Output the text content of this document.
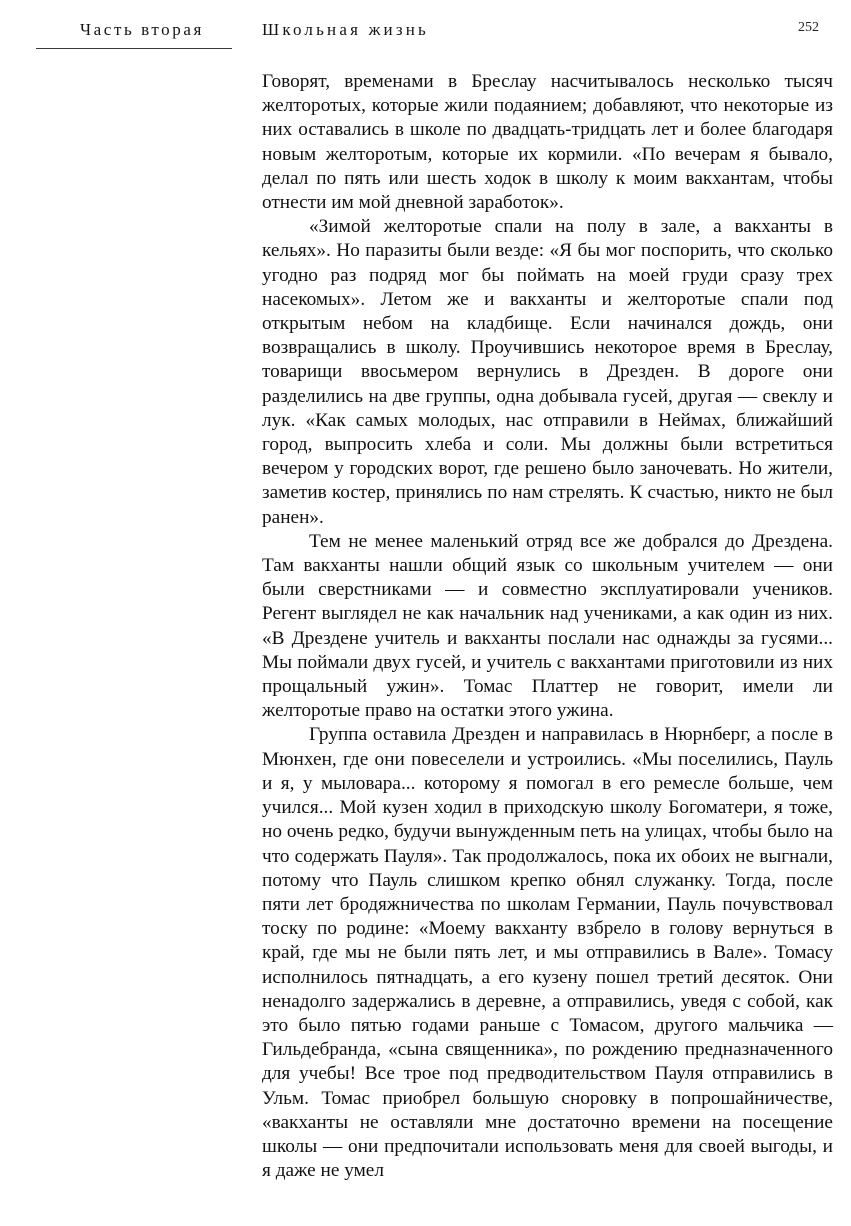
Часть вторая	Школьная жизнь	252

Говорят, временами в Бреслау насчитывалось несколько тысяч желторотых, которые жили подаянием; добавляют, что некоторые из них оставались в школе по двадцать-тридцать лет и более благодаря новым желторотым, которые их кормили. «По вечерам я бывало, делал по пять или шесть ходок в школу к моим вакхантам, чтобы отнести им мой дневной заработок».

«Зимой желторотые спали на полу в зале, а вакханты в кельях». Но паразиты были везде: «Я бы мог поспорить, что сколько угодно раз подряд мог бы поймать на моей груди сразу трех насекомых». Летом же и вакханты и желторотые спали под открытым небом на кладбище. Если начинался дождь, они возвращались в школу. Проучившись некоторое время в Бреслау, товарищи ввосьмером вернулись в Дрезден. В дороге они разделились на две группы, одна добывала гусей, другая — свеклу и лук. «Как самых молодых, нас отправили в Неймах, ближайший город, выпросить хлеба и соли. Мы должны были встретиться вечером у городских ворот, где решено было заночевать. Но жители, заметив костер, принялись по нам стрелять. К счастью, никто не был ранен».

Тем не менее маленький отряд все же добрался до Дрездена. Там вакханты нашли общий язык со школьным учителем — они были сверстниками — и совместно эксплуатировали учеников. Регент выглядел не как начальник над учениками, а как один из них. «В Дрездене учитель и вакханты послали нас однажды за гусями... Мы поймали двух гусей, и учитель с вакхантами приготовили из них прощальный ужин». Томас Платтер не говорит, имели ли желторотые право на остатки этого ужина.

Группа оставила Дрезден и направилась в Нюрнберг, а после в Мюнхен, где они повеселели и устроились. «Мы поселились, Пауль и я, у мыловара... которому я помогал в его ремесле больше, чем учился... Мой кузен ходил в приходскую школу Богоматери, я тоже, но очень редко, будучи вынужденным петь на улицах, чтобы было на что содержать Пауля». Так продолжалось, пока их обоих не выгнали, потому что Пауль слишком крепко обнял служанку. Тогда, после пяти лет бродяжничества по школам Германии, Пауль почувствовал тоску по родине: «Моему вакханту взбрело в голову вернуться в край, где мы не были пять лет, и мы отправились в Вале». Томасу исполнилось пятнадцать, а его кузену пошел третий десяток. Они ненадолго задержались в деревне, а отправились, уведя с собой, как это было пятью годами раньше с Томасом, другого мальчика — Гильдебранда, «сына священника», по рождению предназначенного для учебы! Все трое под предводительством Пауля отправились в Ульм. Томас приобрел большую сноровку в попрошайничестве, «вакханты не оставляли мне достаточно времени на посещение школы — они предпочитали использовать меня для своей выгоды, и я даже не умел
